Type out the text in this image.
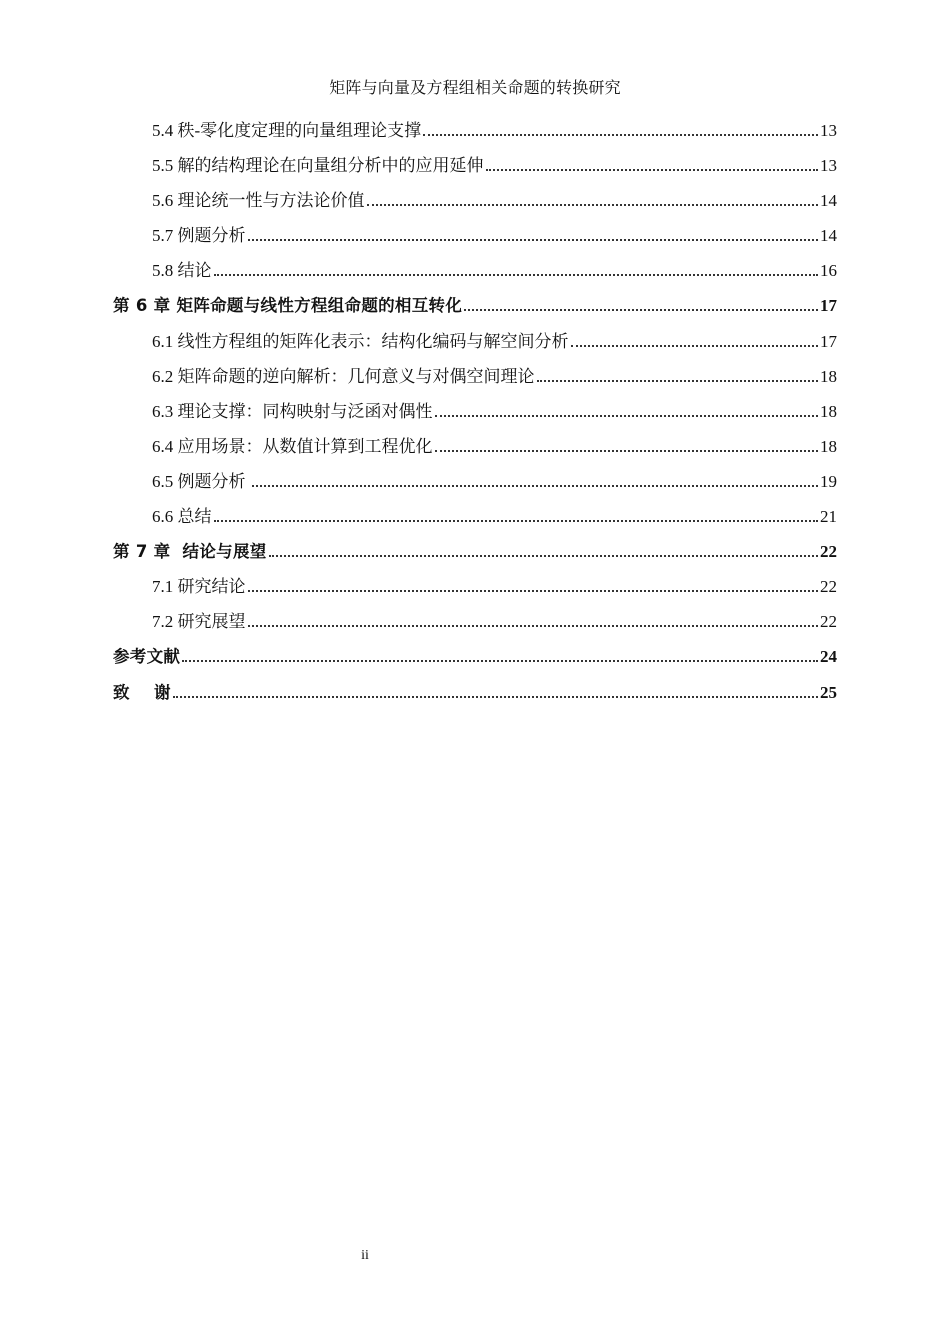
矩阵与向量及方程组相关命题的转换研究
5.4 秩-零化度定理的向量组理论支撑	13
5.5 解的结构理论在向量组分析中的应用延伸	13
5.6 理论统一性与方法论价值	14
5.7 例题分析	14
5.8 结论	16
第 6 章 矩阵命题与线性方程组命题的相互转化	17
6.1 线性方程组的矩阵化表示：结构化编码与解空间分析	17
6.2 矩阵命题的逆向解析：几何意义与对偶空间理论	18
6.3 理论支撑：同构映射与泛函对偶性	18
6.4 应用场景：从数值计算到工程优化	18
6.5 例题分析	19
6.6 总结	21
第 7 章  结论与展望	22
7.1 研究结论	22
7.2 研究展望	22
参考文献	24
致    谢	25
ii
